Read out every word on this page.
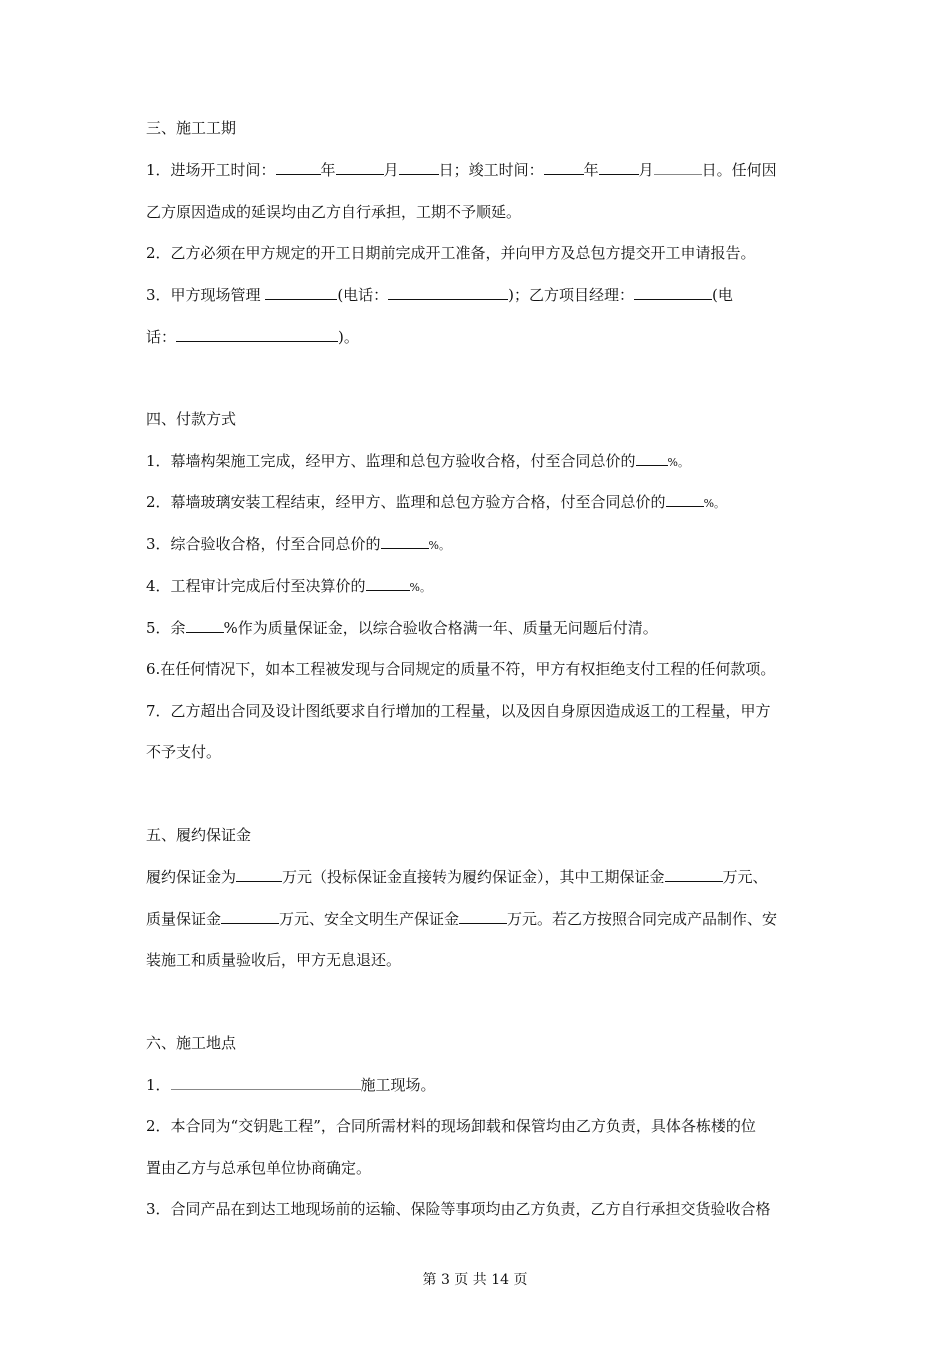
三、施工工期
1．进场开工时间：	年	月	日；竣工时间：	年	月	日。任何因
乙方原因造成的延误均由乙方自行承担，工期不予顺延。
2．乙方必须在甲方规定的开工日期前完成开工准备，并向甲方及总包方提交开工申请报告。
3．甲方现场管理	(电话：	)；乙方项目经理：	(电
话：	)。
四、付款方式
1．幕墙构架施工完成，经甲方、监理和总包方验收合格，付至合同总价的	%。
2．幕墙玻璃安装工程结束，经甲方、监理和总包方验方合格，付至合同总价的	%。
3．综合验收合格，付至合同总价的	%。
4．工程审计完成后付至决算价的	%。
5．余	%作为质量保证金，以综合验收合格满一年、质量无问题后付清。
6.在任何情况下，如本工程被发现与合同规定的质量不符，甲方有权拒绝支付工程的任何款项。
7．乙方超出合同及设计图纸要求自行增加的工程量，以及因自身原因造成返工的工程量，甲方
不予支付。
五、履约保证金
履约保证金为	万元（投标保证金直接转为履约保证金），其中工期保证金	万元、
质量保证金	万元、安全文明生产保证金	万元。若乙方按照合同完成产品制作、安
装施工和质量验收后，甲方无息退还。
六、施工地点
1．	施工现场。
2．本合同为“交钥匙工程”，合同所需材料的现场卸载和保管均由乙方负责，具体各栋楼的位
置由乙方与总承包单位协商确定。
3．合同产品在到达工地现场前的运输、保险等事项均由乙方负责，乙方自行承担交货验收合格
第 3 页 共 14 页
